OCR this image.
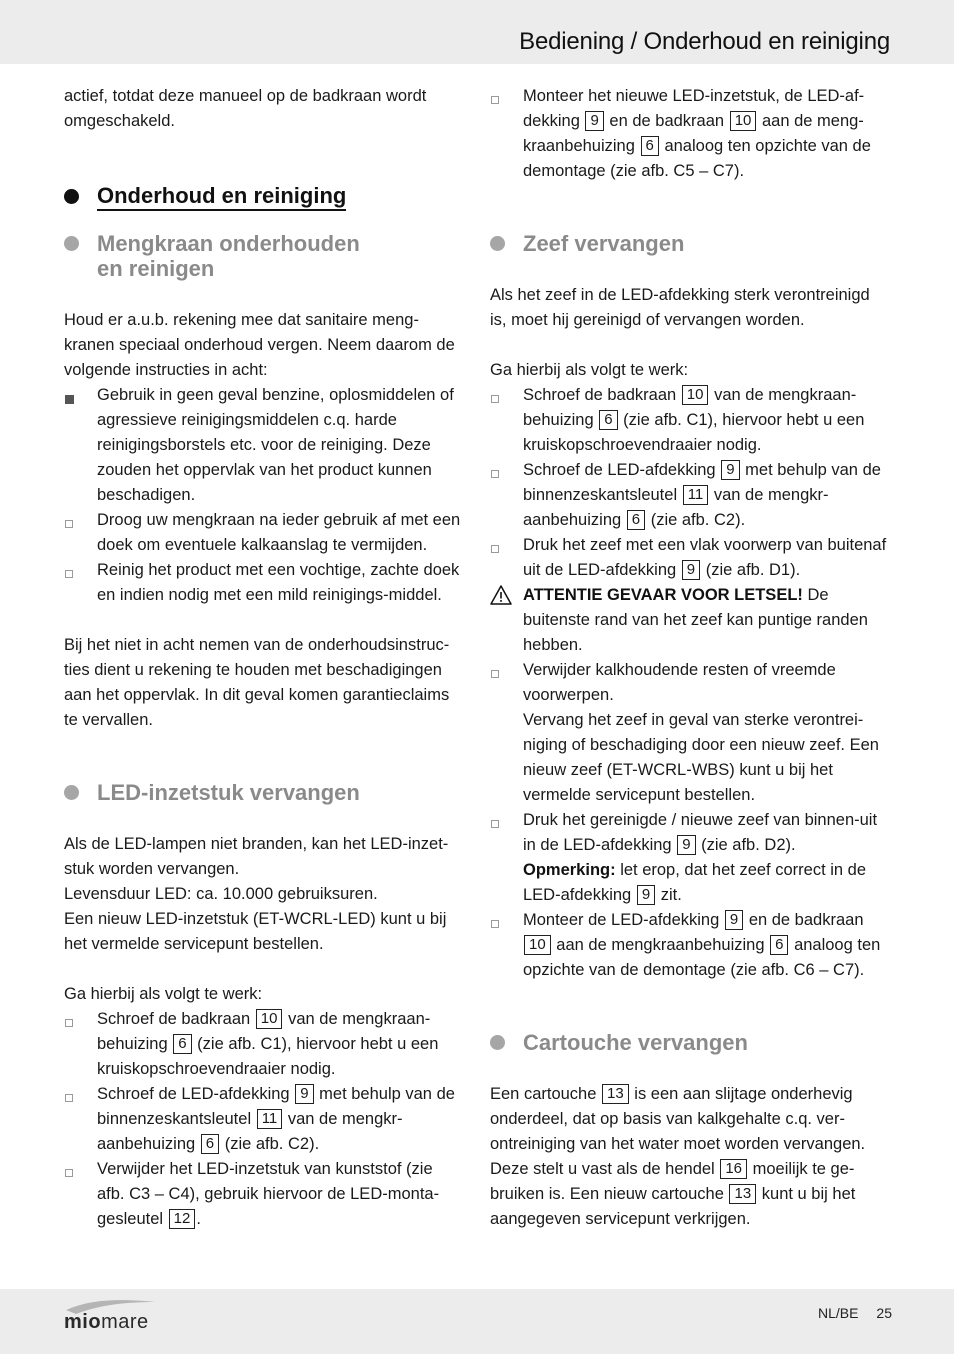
Bediening / Onderhoud en reiniging

actief, totdat deze manueel op de badkraan wordt omgeschakeld.

Onderhoud en reiniging
Mengkraan onderhouden
en reinigen

Houd er a.u.b. rekening mee dat sanitaire meng-kranen speciaal onderhoud vergen. Neem daarom de volgende instructies in acht:

Gebruik in geen geval benzine, oplosmiddelen of agressieve reinigingsmiddelen c.q. harde reinigingsborstels etc. voor de reiniging. Deze zouden het oppervlak van het product kunnen beschadigen.
Droog uw mengkraan na ieder gebruik af met een doek om eventuele kalkaanslag te vermijden.
Reinig het product met een vochtige, zachte doek en indien nodig met een mild reinigings-middel.

Bij het niet in acht nemen van de onderhoudsinstruc-ties dient u rekening te houden met beschadigingen aan het oppervlak. In dit geval komen garantieclaims te vervallen.

LED-inzetstuk vervangen

Als de LED-lampen niet branden, kan het LED-inzet-stuk worden vervangen.

Levensduur LED: ca. 10.000 gebruiksuren.

Een nieuw LED-inzetstuk (ET-WCRL-LED) kunt u bij het vermelde servicepunt bestellen.

Ga hierbij als volgt te werk:

Schroef de badkraan 10 van de mengkraan-behuizing 6 (zie afb. C1), hiervoor hebt u een kruiskopschroevendraaier nodig.
Schroef de LED-afdekking 9 met behulp van de binnenzeskantsleutel 11 van de mengkr-aanbehuizing 6 (zie afb. C2).
Verwijder het LED-inzetstuk van kunststof (zie afb. C3 – C4), gebruik hiervoor de LED-monta-gesleutel 12 .
Monteer het nieuwe LED-inzetstuk, de LED-af-dekking 9 en de badkraan 10 aan de meng-kraanbehuizing 6 analoog ten opzichte van de demontage (zie afb. C5 – C7).
Zeef vervangen

Als het zeef in de LED-afdekking sterk verontreinigd is, moet hij gereinigd of vervangen worden.

Ga hierbij als volgt te werk:

Schroef de badkraan 10 van de mengkraan-behuizing 6 (zie afb. C1), hiervoor hebt u een kruiskopschroevendraaier nodig.
Schroef de LED-afdekking 9 met behulp van de binnenzeskantsleutel 11 van de mengkr-aanbehuizing 6 (zie afb. C2).
Druk het zeef met een vlak voorwerp van buitenaf uit de LED-afdekking 9 (zie afb. D1).
ATTENTIE GEVAAR VOOR LETSEL! De buitenste rand van het zeef kan puntige randen hebben.
Verwijder kalkhoudende resten of vreemde voorwerpen.
Vervang het zeef in geval van sterke verontrei-niging of beschadiging door een nieuw zeef. Een nieuw zeef (ET-WCRL-WBS) kunt u bij het vermelde servicepunt bestellen.
Druk het gereinigde / nieuwe zeef van binnen-uit in de LED-afdekking 9 (zie afb. D2).
Opmerking: let erop, dat het zeef correct in de LED-afdekking 9 zit.
Monteer de LED-afdekking 9 en de badkraan 10 aan de mengkraanbehuizing 6 analoog ten opzichte van de demontage (zie afb. C6 – C7).
Cartouche vervangen

Een cartouche 13 is een aan slijtage onderhevig onderdeel, dat op basis van kalkgehalte c.q. ver-ontreiniging van het water moet worden vervangen. Deze stelt u vast als de hendel 16 moeilijk te ge-bruiken is. Een nieuw cartouche 13 kunt u bij het aangegeven servicepunt verkrijgen.

miomare	NL/BE 25
